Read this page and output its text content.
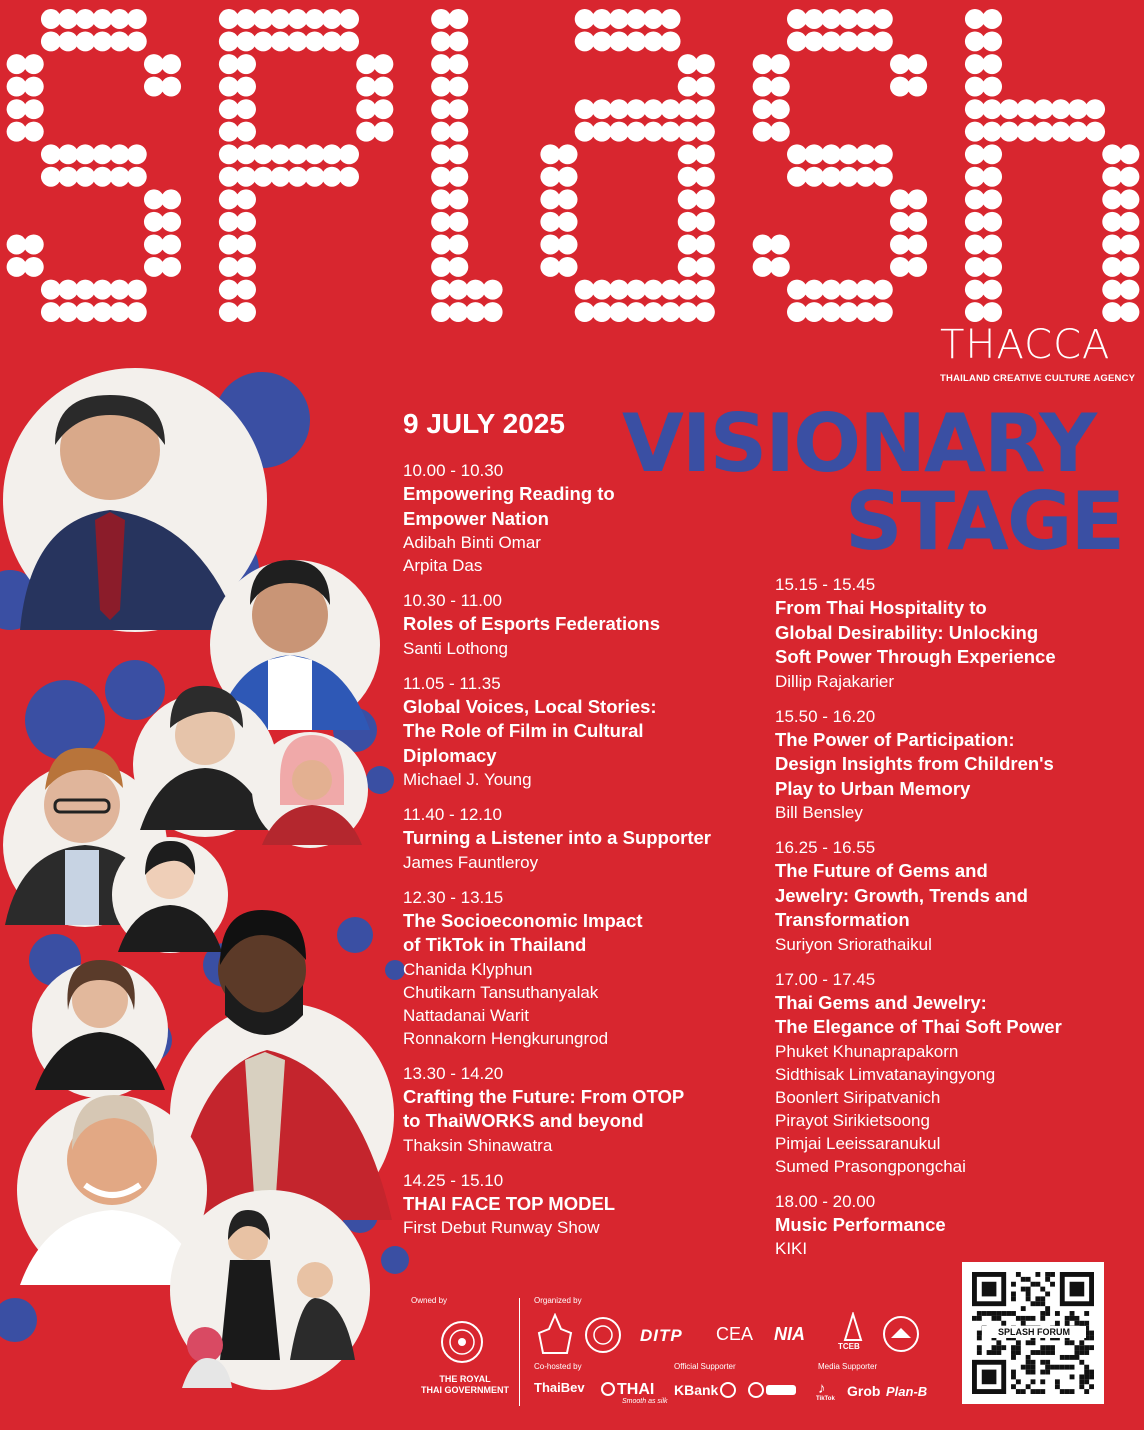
THACCA
THAILAND CREATIVE CULTURE AGENCY
9 JULY 2025 VISIONARY
STAGE
10.00 - 10.30
Empowering Reading to
Empower Nation
Adibah Binti Omar
Arpita Das
10.30 - 11.00
Roles of Esports Federations
Santi Lothong
11.05 - 11.35
Global Voices, Local Stories:
The Role of Film in Cultural
Diplomacy
Michael J. Young
11.40 - 12.10
Turning a Listener into a Supporter
James Fauntleroy
12.30 - 13.15
The Socioeconomic Impact
of TikTok in Thailand
Chanida Klyphun
Chutikarn Tansuthanyalak
Nattadanai Warit
Ronnakorn Hengkurungrod
13.30 - 14.20
Crafting the Future: From OTOP
to ThaiWORKS and beyond
Thaksin Shinawatra
14.25 - 15.10
THAI FACE TOP MODEL
First Debut Runway Show
15.15 - 15.45
From Thai Hospitality to
Global Desirability: Unlocking
Soft Power Through Experience
Dillip Rajakarier
15.50 - 16.20
The Power of Participation:
Design Insights from Children's
Play to Urban Memory
Bill Bensley
16.25 - 16.55
The Future of Gems and
Jewelry: Growth, Trends and
Transformation
Suriyon Sriorathaikul
17.00 - 17.45
Thai Gems and Jewelry:
The Elegance of Thai Soft Power
Phuket Khunaprapakorn
Sidthisak Limvatanayingyong
Boonlert Siripatvanich
Pirayot Sirikietsoong
Pimjai Leeissaranukul
Sumed Prasongpongchai
18.00 - 20.00
Music Performance
KIKI
Owned by
THE ROYAL
THAI GOVERNMENT
Organized by
DITP CEA NIA
TCEB
Co-hosted by
ThaiBev THAI
Smooth as silk
Official Supporter
KBank
Media Supporter
♪
TikTok Grob Plan-B
SPLASH FORUM
